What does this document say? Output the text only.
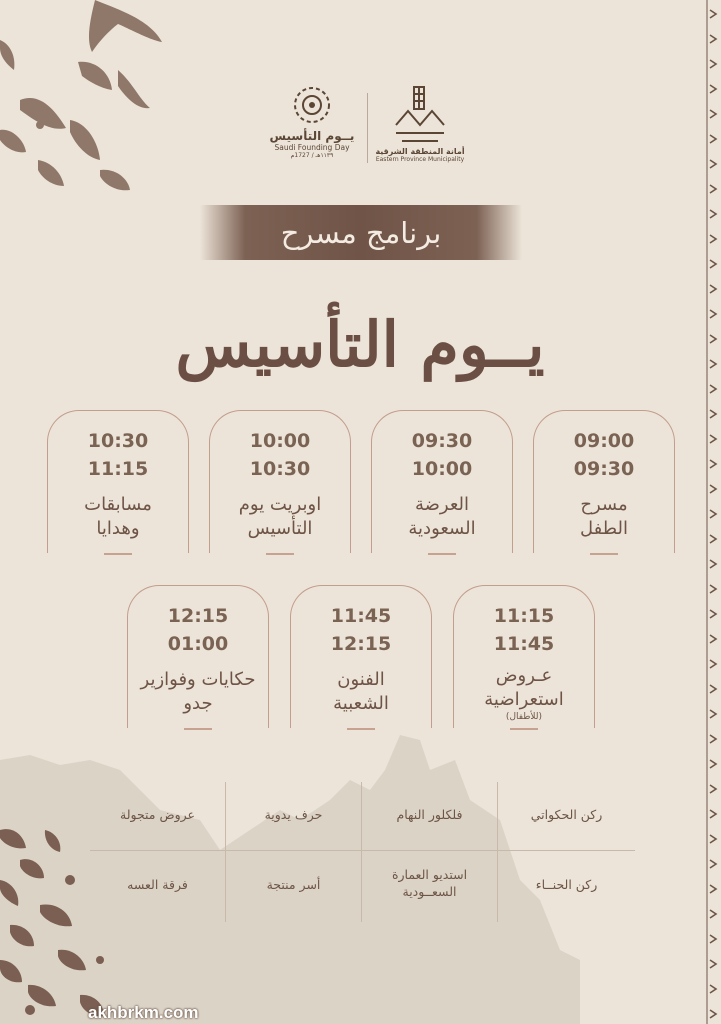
يــوم التأسيس
Saudi Founding Day
١١٣٩هـ / 1727م	أمانة المنطقة الشرقية
Eastern Province Municipality
برنامج مسرح
يــوم التأسيس
09:00
09:30
مسرح
الطفل
09:30
10:00
العرضة
السعودية
10:00
10:30
اوبريت يوم
التأسيس
10:30
11:15
مسابقات
وهدايا
11:15
11:45
عـروض
استعراضية
(للأطفال)
11:45
12:15
الفنون
الشعبية
12:15
01:00
حكايات وفوازير
جدو
ركن الحكواتي
فلكلور النهام
حرف يدوية
عروض متجولة
ركن الحنــاء
استديو العمارة
السعــودية
أسر منتجة
فرقة العسه
akhbrkm.com
